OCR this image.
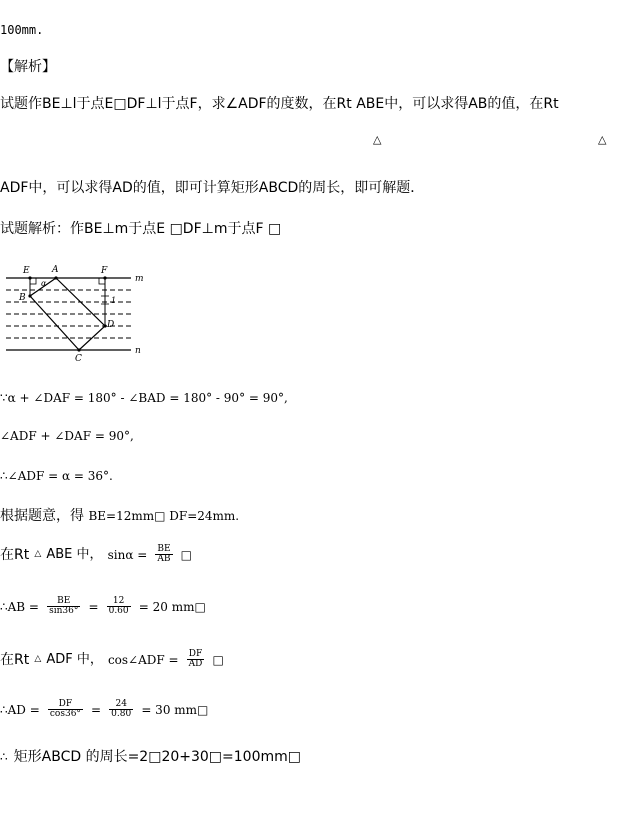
100mm.
【解析】
试题作BE⊥l于点E□DF⊥l于点F，求∠ADF的度数，在Rt ABE中，可以求得AB的值，在Rt
△	△
ADF中，可以求得AD的值，即可计算矩形ABCD的周长，即可解题．
试题解析：作BE⊥m于点E □DF⊥m于点F □
E A	F
B
D
C
α
1
m
n
∵α + ∠DAF = 180° - ∠BAD = 180° - 90° = 90°,
∠ADF + ∠DAF = 90°,
∴∠ADF = α = 36°.
根据题意，得 BE=12mm□ DF=24mm.
在Rt △ ABE 中， $\sin\alpha = \frac{BE}{AB}$ □
∴AB = $\frac{BE}{\sin 36^\circ} = \frac{12}{0.60} = 20$ mm□
在Rt △ ADF 中， cos∠ADF = $\frac{DF}{AD}$ □
∴AD = $\frac{DF}{\cos 36^\circ} = \frac{24}{0.80} = 30$ mm□
∴ 矩形ABCD 的周长=2□20+30□=100mm□
